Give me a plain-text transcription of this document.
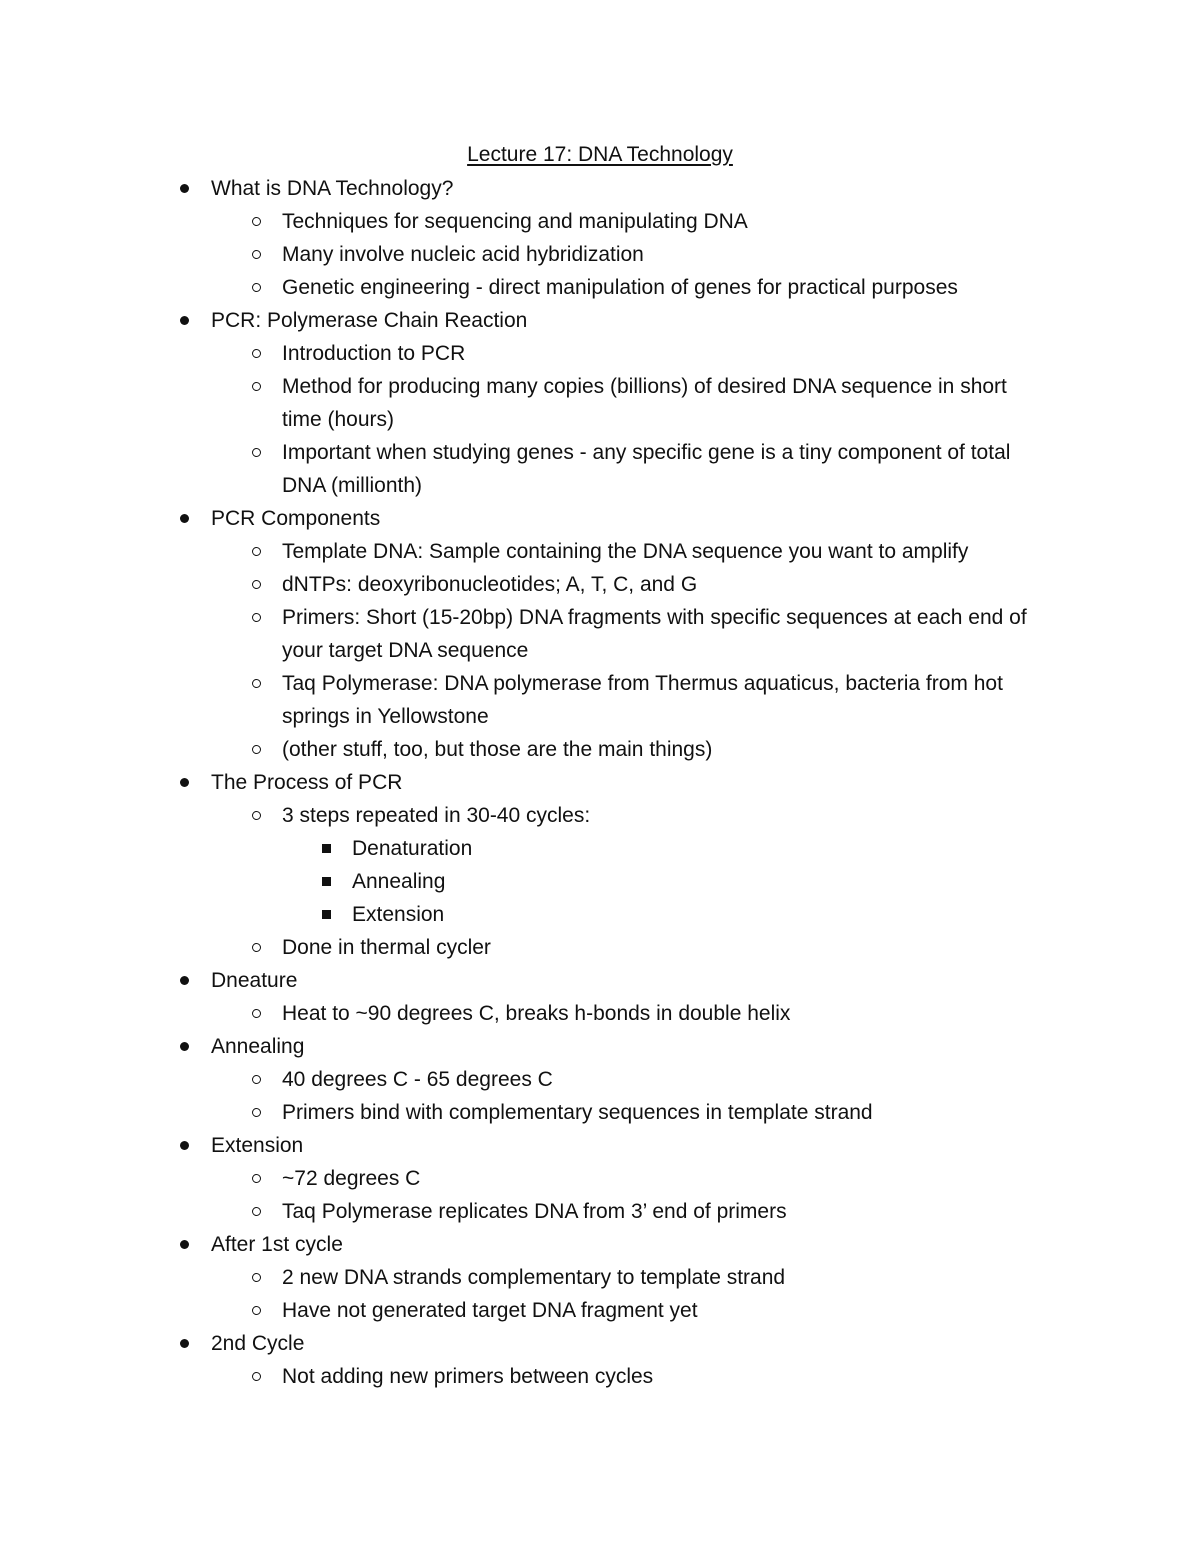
Lecture 17: DNA Technology
What is DNA Technology?
Techniques for sequencing and manipulating DNA
Many involve nucleic acid hybridization
Genetic engineering - direct manipulation of genes for practical purposes
PCR: Polymerase Chain Reaction
Introduction to PCR
Method for producing many copies (billions) of desired DNA sequence in short
time (hours)
Important when studying genes - any specific gene is a tiny component of total
DNA (millionth)
PCR Components
Template DNA: Sample containing the DNA sequence you want to amplify
dNTPs: deoxyribonucleotides; A, T, C, and G
Primers: Short (15-20bp) DNA fragments with specific sequences at each end of
your target DNA sequence
Taq Polymerase: DNA polymerase from Thermus aquaticus, bacteria from hot
springs in Yellowstone
(other stuff, too, but those are the main things)
The Process of PCR
3 steps repeated in 30-40 cycles:
Denaturation
Annealing
Extension
Done in thermal cycler
Dneature
Heat to ~90 degrees C, breaks h-bonds in double helix
Annealing
40 degrees C - 65 degrees C
Primers bind with complementary sequences in template strand
Extension
~72 degrees C
Taq Polymerase replicates DNA from 3’ end of primers
After 1st cycle
2 new DNA strands complementary to template strand
Have not generated target DNA fragment yet
2nd Cycle
Not adding new primers between cycles
